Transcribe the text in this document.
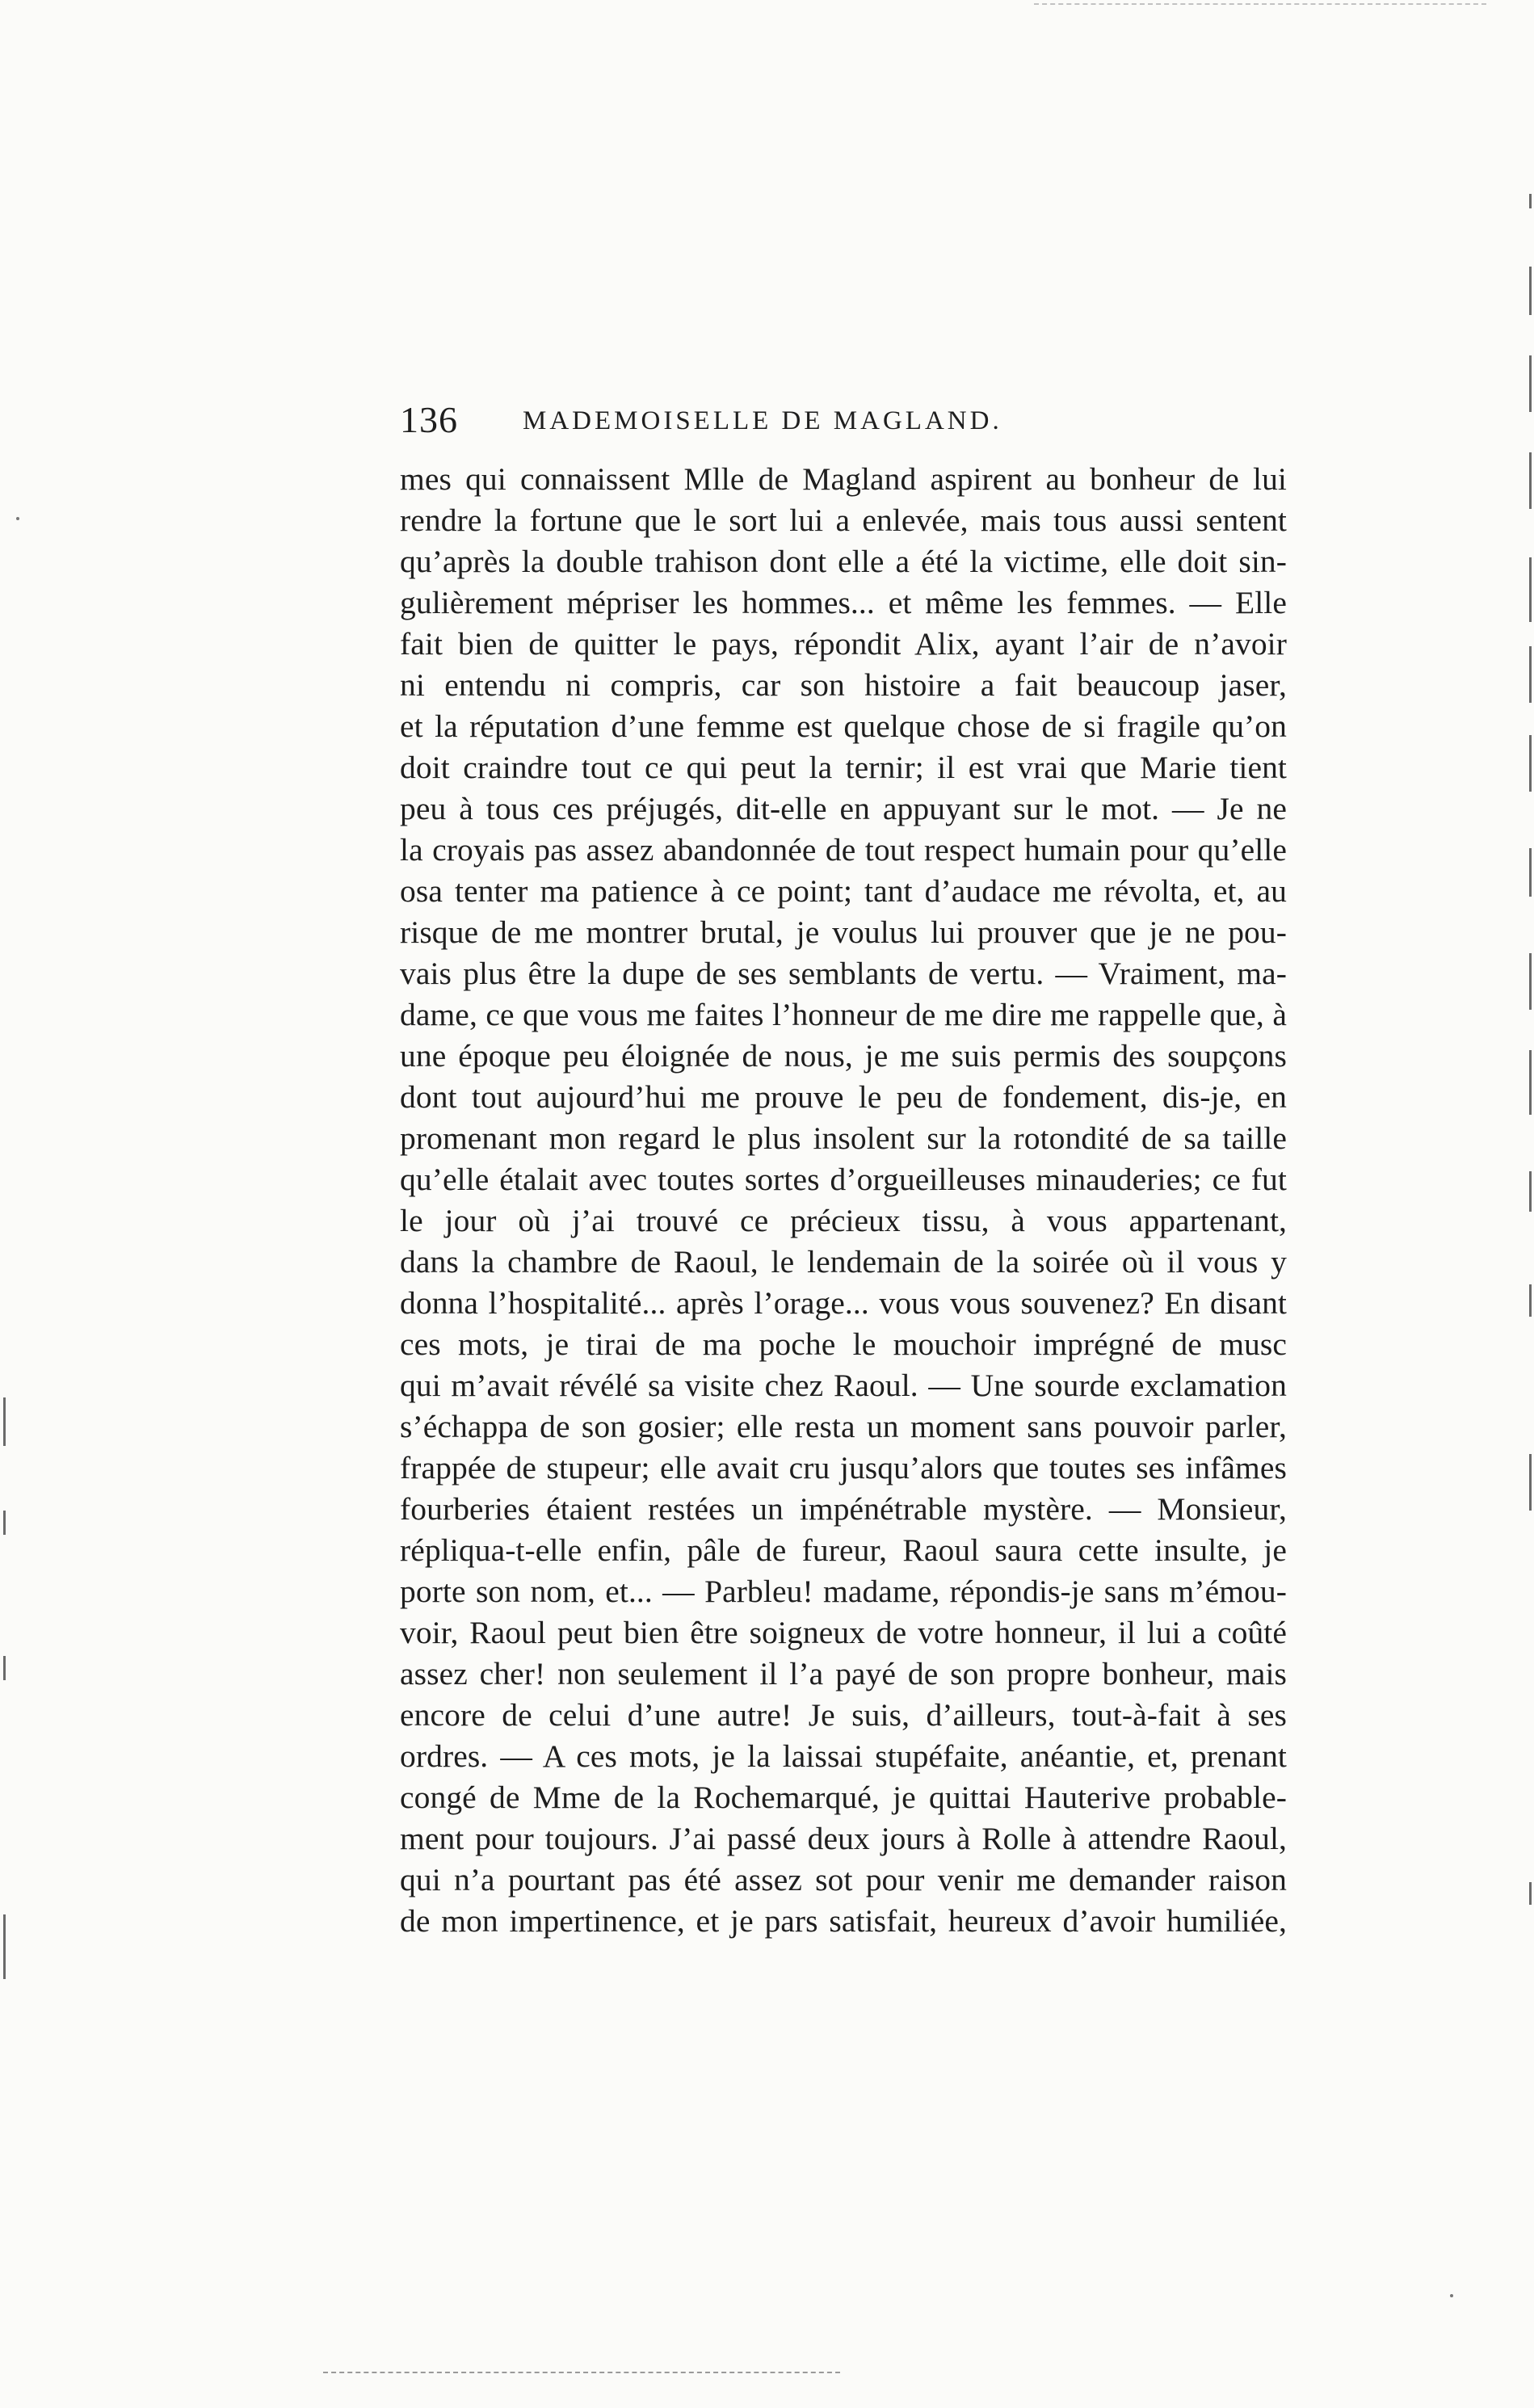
136 MADEMOISELLE DE MAGLAND.
mes qui connaissent Mlle de Magland aspirent au bonheur de lui
rendre la fortune que le sort lui a enlevée, mais tous aussi sentent
qu’après la double trahison dont elle a été la victime, elle doit sin-
gulièrement mépriser les hommes... et même les femmes. — Elle
fait bien de quitter le pays, répondit Alix, ayant l’air de n’avoir
ni entendu ni compris, car son histoire a fait beaucoup jaser,
et la réputation d’une femme est quelque chose de si fragile qu’on
doit craindre tout ce qui peut la ternir; il est vrai que Marie tient
peu à tous ces préjugés, dit-elle en appuyant sur le mot. — Je ne
la croyais pas assez abandonnée de tout respect humain pour qu’elle
osa tenter ma patience à ce point; tant d’audace me révolta, et, au
risque de me montrer brutal, je voulus lui prouver que je ne pou-
vais plus être la dupe de ses semblants de vertu. — Vraiment, ma-
dame, ce que vous me faites l’honneur de me dire me rappelle que, à
une époque peu éloignée de nous, je me suis permis des soupçons
dont tout aujourd’hui me prouve le peu de fondement, dis-je, en
promenant mon regard le plus insolent sur la rotondité de sa taille
qu’elle étalait avec toutes sortes d’orgueilleuses minauderies; ce fut
le jour où j’ai trouvé ce précieux tissu, à vous appartenant,
dans la chambre de Raoul, le lendemain de la soirée où il vous y
donna l’hospitalité... après l’orage... vous vous souvenez? En disant
ces mots, je tirai de ma poche le mouchoir imprégné de musc
qui m’avait révélé sa visite chez Raoul. — Une sourde exclamation
s’échappa de son gosier; elle resta un moment sans pouvoir parler,
frappée de stupeur; elle avait cru jusqu’alors que toutes ses infâmes
fourberies étaient restées un impénétrable mystère. — Monsieur,
répliqua-t-elle enfin, pâle de fureur, Raoul saura cette insulte, je
porte son nom, et... — Parbleu! madame, répondis-je sans m’émou-
voir, Raoul peut bien être soigneux de votre honneur, il lui a coûté
assez cher! non seulement il l’a payé de son propre bonheur, mais
encore de celui d’une autre! Je suis, d’ailleurs, tout-à-fait à ses
ordres. — A ces mots, je la laissai stupéfaite, anéantie, et, prenant
congé de Mme de la Rochemarqué, je quittai Hauterive probable-
ment pour toujours. J’ai passé deux jours à Rolle à attendre Raoul,
qui n’a pourtant pas été assez sot pour venir me demander raison
de mon impertinence, et je pars satisfait, heureux d’avoir humiliée,
